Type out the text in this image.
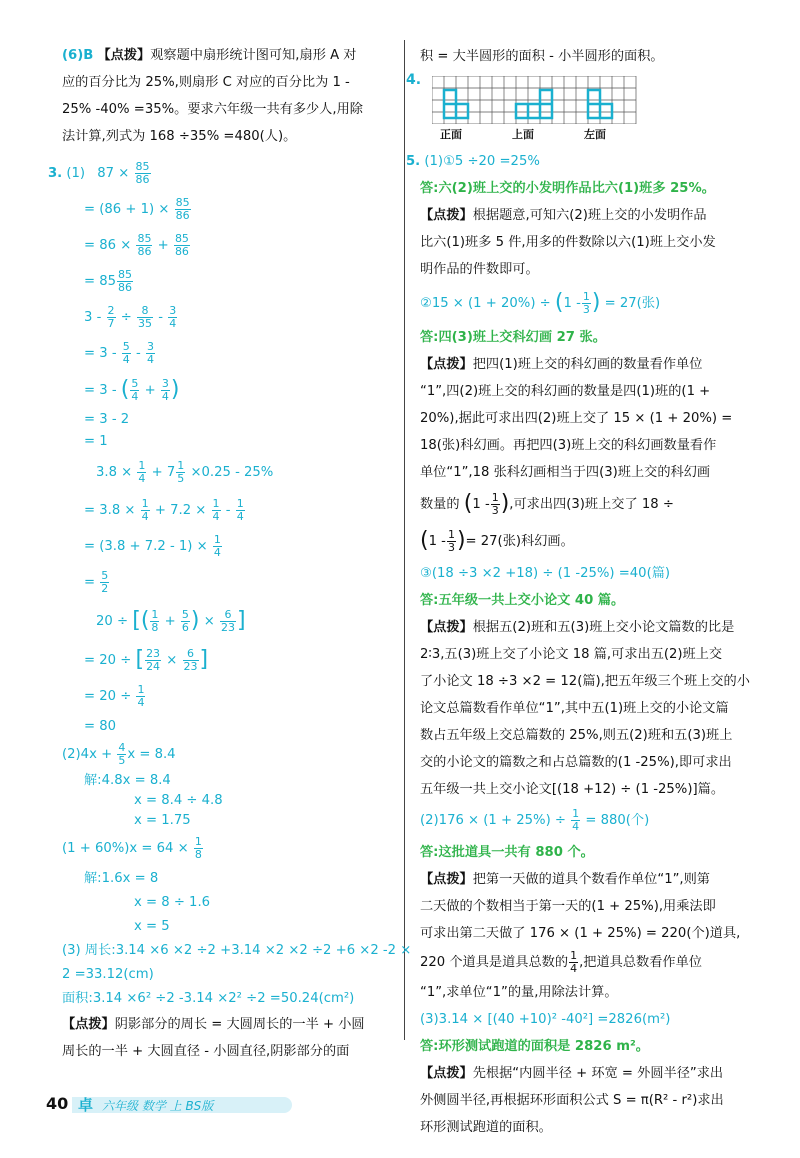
(6)B 【点拨】观察题中扇形统计图可知,扇形 A 对
应的百分比为 25%,则扇形 C 对应的百分比为 1 -
25% -40% =35%。要求六年级一共有多少人,用除
法计算,列式为 168 ÷35% =480(人)。
3. (1) $87 \times \frac{85}{86}$
= $(86 + 1) \times \frac{85}{86}$
= $86 \times \frac{85}{86} + \frac{85}{86}$
= $85 \frac{85}{86}$
$3 - \frac{2}{7} \div \frac{8}{35} - \frac{3}{4}$
= $3 - \frac{5}{4} - \frac{3}{4}$
= 3 - ( $\frac{5}{4} + \frac{3}{4}$ )
= 3 - 2
= 1
$3.8 \times \frac{1}{4} + 7 \frac{1}{5} \times 0.25 - 25\%$
= $3.8 \times \frac{1}{4} + 7.2 \times \frac{1}{4} - \frac{1}{4}$
= $(3.8 + 7.2 - 1) \times \frac{1}{4}$
= $\frac{5}{2}$
20 ÷ [( $\frac{1}{8} + \frac{5}{6}$ ) × $\frac{6}{23}$ ]
= 20 ÷ [ $\frac{23}{24} \times \frac{6}{23}$ ]
= $20 \div \frac{1}{4}$
= 80
$(2)4x + \frac{4}{5}$ x = 8.4
解:4.8x = 8.4
x = 8.4 ÷ 4.8
x = 1.75
$(1 + 60\%)x = 64 \times \frac{1}{8}$
解:1.6x = 8
x = 8 ÷ 1.6
x = 5
(3) 周长:3.14 ×6 ×2 ÷2 +3.14 ×2 ×2 ÷2 +6 ×2 -2 ×
2 =33.12(cm)
面积:3.14 ×6² ÷2 -3.14 ×2² ÷2 =50.24(cm²)
【点拨】阴影部分的周长 = 大圆周长的一半 + 小圆
周长的一半 + 大圆直径 - 小圆直径,阴影部分的面
积 = 大半圆形的面积 - 小半圆形的面积。
4.
正面	上面	左面
5. (1)①5 ÷20 =25%
答:六(2)班上交的小发明作品比六(1)班多 25%。
【点拨】根据题意,可知六(2)班上交的小发明作品
比六(1)班多 5 件,用多的件数除以六(1)班上交小发
明作品的件数即可。
②15 × $(1 + 20\%) \div (1 - \frac{1}{3}$ ) = 27(张)
答:四(3)班上交科幻画 27 张。
【点拨】把四(1)班上交的科幻画的数量看作单位
“1”,四(2)班上交的科幻画的数量是四(1)班的(1 +
20%),据此可求出四(2)班上交了 15 × (1 + 20%) =
18(张)科幻画。再把四(3)班上交的科幻画数量看作
单位“1”,18 张科幻画相当于四(3)班上交的科幻画
数量的 ($1 - \frac{1}{3}$ ),可求出四(3)班上交了 18 ÷
($1 - \frac{1}{3}$ )= 27(张)科幻画。
③(18 ÷3 ×2 +18) ÷ (1 -25%) =40(篇)
答:五年级一共上交小论文 40 篇。
【点拨】根据五(2)班和五(3)班上交小论文篇数的比是
2∶3,五(3)班上交了小论文 18 篇,可求出五(2)班上交
了小论文 18 ÷3 ×2 = 12(篇),把五年级三个班上交的小
论文总篇数看作单位“1”,其中五(1)班上交的小论文篇
数占五年级上交总篇数的 25%,则五(2)班和五(3)班上
交的小论文的篇数之和占总篇数的(1 -25%),即可求出
五年级一共上交小论文[(18 +12) ÷ (1 -25%)]篇。
$(2)176 \times (1 + 25\%) \div \frac{1}{4} = 880$(个)
答:这批道具一共有 880 个。
【点拨】把第一天做的道具个数看作单位“1”,则第
二天做的个数相当于第一天的(1 + 25%),用乘法即
可求出第二天做了 176 × (1 + 25%) = 220(个)道具,
220 个道具是道具总数的 $\frac{1}{4}$ ,把道具总数看作单位
“1”,求单位“1”的量,用除法计算。
(3)3.14 × [(40 +10)² -40²] =2826(m²)
答:环形测试跑道的面积是 2826 m²。
【点拨】先根据“内圆半径 + 环宽 = 外圆半径”求出
外侧圆半径,再根据环形面积公式 S = π(R² - r²)求出
环形测试跑道的面积。
40 卓 六年级 数学 上 BS版
